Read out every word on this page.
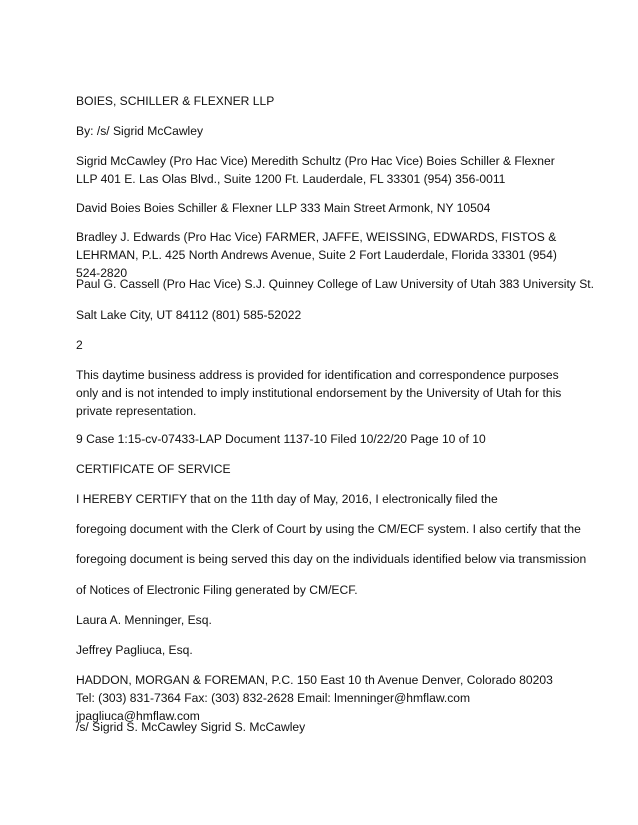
BOIES, SCHILLER & FLEXNER LLP

By: /s/ Sigrid McCawley

Sigrid McCawley (Pro Hac Vice) Meredith Schultz (Pro Hac Vice) Boies Schiller & Flexner LLP 401 E. Las Olas Blvd., Suite 1200 Ft. Lauderdale, FL 33301 (954) 356-0011

David Boies Boies Schiller & Flexner LLP 333 Main Street Armonk, NY 10504

Bradley J. Edwards (Pro Hac Vice) FARMER, JAFFE, WEISSING, EDWARDS, FISTOS & LEHRMAN, P.L. 425 North Andrews Avenue, Suite 2 Fort Lauderdale, Florida 33301 (954) 524-2820

Paul G. Cassell (Pro Hac Vice) S.J. Quinney College of Law University of Utah 383 University St.

Salt Lake City, UT 84112 (801) 585-52022

2

This daytime business address is provided for identification and correspondence purposes only and is not intended to imply institutional endorsement by the University of Utah for this private representation.

9 Case 1:15-cv-07433-LAP Document 1137-10 Filed 10/22/20 Page 10 of 10

CERTIFICATE OF SERVICE

I HEREBY CERTIFY that on the 11th day of May, 2016, I electronically filed the

foregoing document with the Clerk of Court by using the CM/ECF system. I also certify that the

foregoing document is being served this day on the individuals identified below via transmission

of Notices of Electronic Filing generated by CM/ECF.

Laura A. Menninger, Esq.

Jeffrey Pagliuca, Esq.

HADDON, MORGAN & FOREMAN, P.C. 150 East 10 th Avenue Denver, Colorado 80203 Tel: (303) 831-7364 Fax: (303) 832-2628 Email: lmenninger@hmflaw.com jpagliuca@hmflaw.com

/s/ Sigrid S. McCawley Sigrid S. McCawley
